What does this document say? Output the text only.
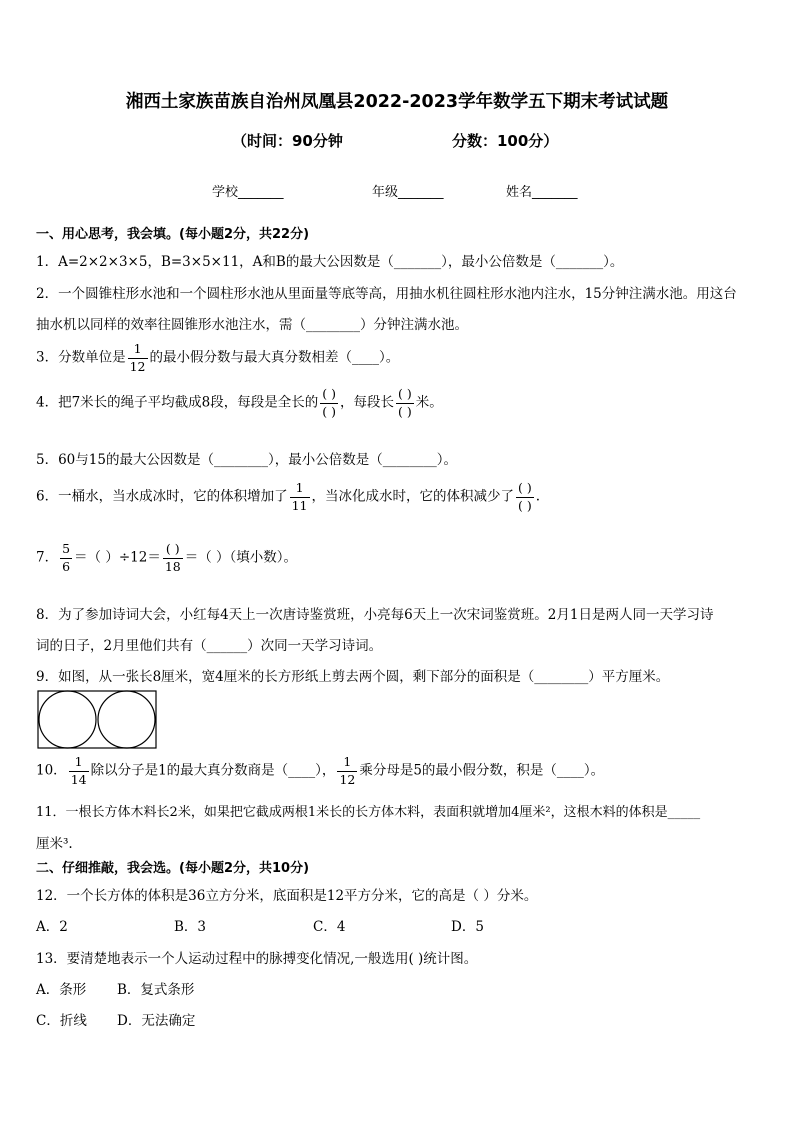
湘西土家族苗族自治州凤凰县2022-2023学年数学五下期末考试试题
（时间：90分钟	分数：100分）
学校_______	年级_______	姓名_______
一、用心思考，我会填。(每小题2分，共22分)
1．A=2×2×3×5，B=3×5×11，A和B的最大公因数是（_______），最小公倍数是（_______）。
2．一个圆锥柱形水池和一个圆柱形水池从里面量等底等高，用抽水机往圆柱形水池内注水，15分钟注满水池。用这台
抽水机以同样的效率往圆锥形水池注水，需（________）分钟注满水池。
3．分数单位是 $\frac{1}{12}$ 的最小假分数与最大真分数相差（____）。
4．把7米长的绳子平均截成8段，每段是全长的 $\frac{( )}{( )}$ ，每段长 $\frac{( )}{( )}$ 米。
5．60与15的最大公因数是（________），最小公倍数是（________）。
6．一桶水，当水成冰时，它的体积增加了 $\frac{1}{11}$ ，当冰化成水时，它的体积减少了 $\frac{( )}{( )}$ .
7． $\frac{5}{6}$ ＝（ ）$\div 12= \frac{( )}{18}$ ＝（ ）（填小数）。
8．为了参加诗词大会，小红每4天上一次唐诗鉴赏班，小亮每6天上一次宋词鉴赏班。2月1日是两人同一天学习诗
词的日子，2月里他们共有（______）次同一天学习诗词。
9．如图，从一张长8厘米，宽4厘米的长方形纸上剪去两个圆，剩下部分的面积是（________）平方厘米。
10． $\frac{1}{14}$ 除以分子是1的最大真分数商是（____）， $\frac{1}{12}$ 乘分母是5的最小假分数，积是（____）。
11．一根长方体木料长2米，如果把它截成两根1米长的长方体木料，表面积就增加4厘米²，这根木料的体积是_____
厘米³.
二、仔细推敲，我会选。(每小题2分，共10分)
12．一个长方体的体积是36立方分米，底面积是12平方分米，它的高是（ ）分米。
A．2	B．3	C．4	D．5
13．要清楚地表示一个人运动过程中的脉搏变化情况,一般选用( )统计图。
A．条形 B．复式条形
C．折线 D．无法确定
